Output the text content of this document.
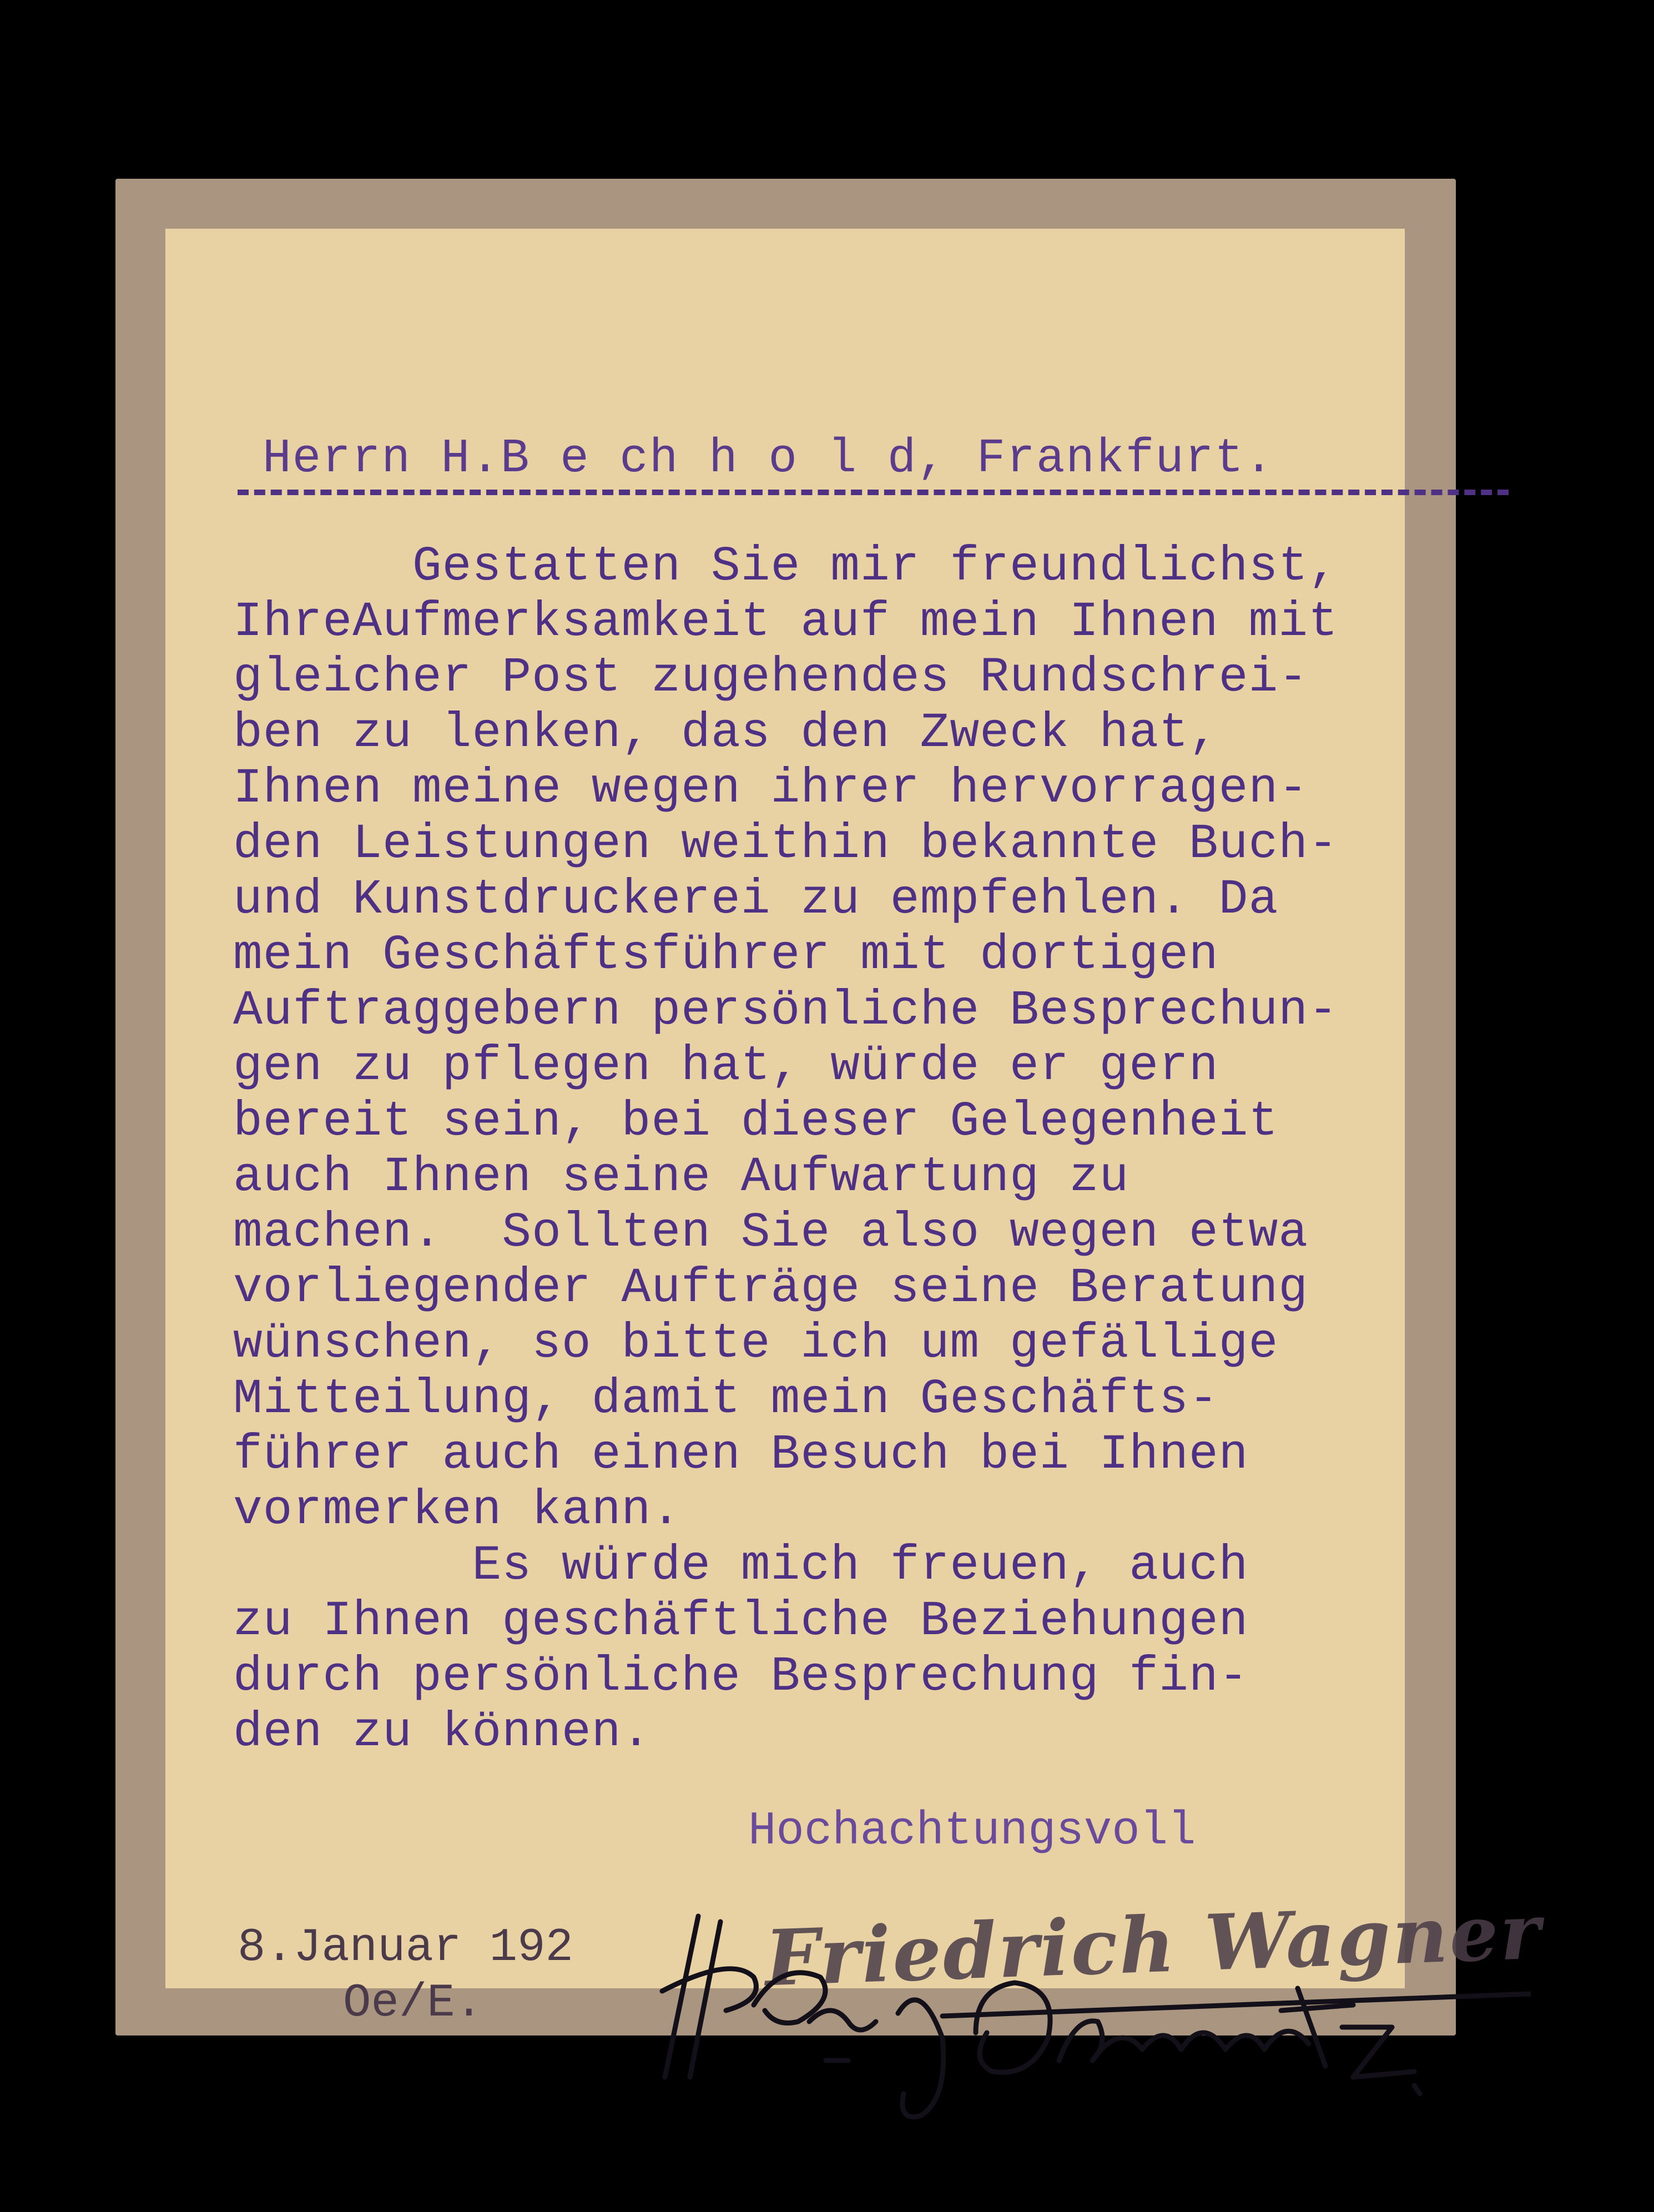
Herrn H.B e ch h o l d, Frankfurt.
Gestatten Sie mir freundlichst,
IhreAufmerksamkeit auf mein Ihnen mit
gleicher Post zugehendes Rundschrei-
ben zu lenken, das den Zweck hat,
Ihnen meine wegen ihrer hervorragen-
den Leistungen weithin bekannte Buch-
und Kunstdruckerei zu empfehlen. Da
mein Geschäftsführer mit dortigen
Auftraggebern persönliche Besprechun-
gen zu pflegen hat, würde er gern
bereit sein, bei dieser Gelegenheit
auch Ihnen seine Aufwartung zu
machen.  Sollten Sie also wegen etwa
vorliegender Aufträge seine Beratung
wünschen, so bitte ich um gefällige
Mitteilung, damit mein Geschäfts-
führer auch einen Besuch bei Ihnen
vormerken kann.
Es würde mich freuen, auch
zu Ihnen geschäftliche Beziehungen
durch persönliche Besprechung fin-
den zu können.
Hochachtungsvoll
8.Januar 192
Oe/E.
Friedrich Wagner
